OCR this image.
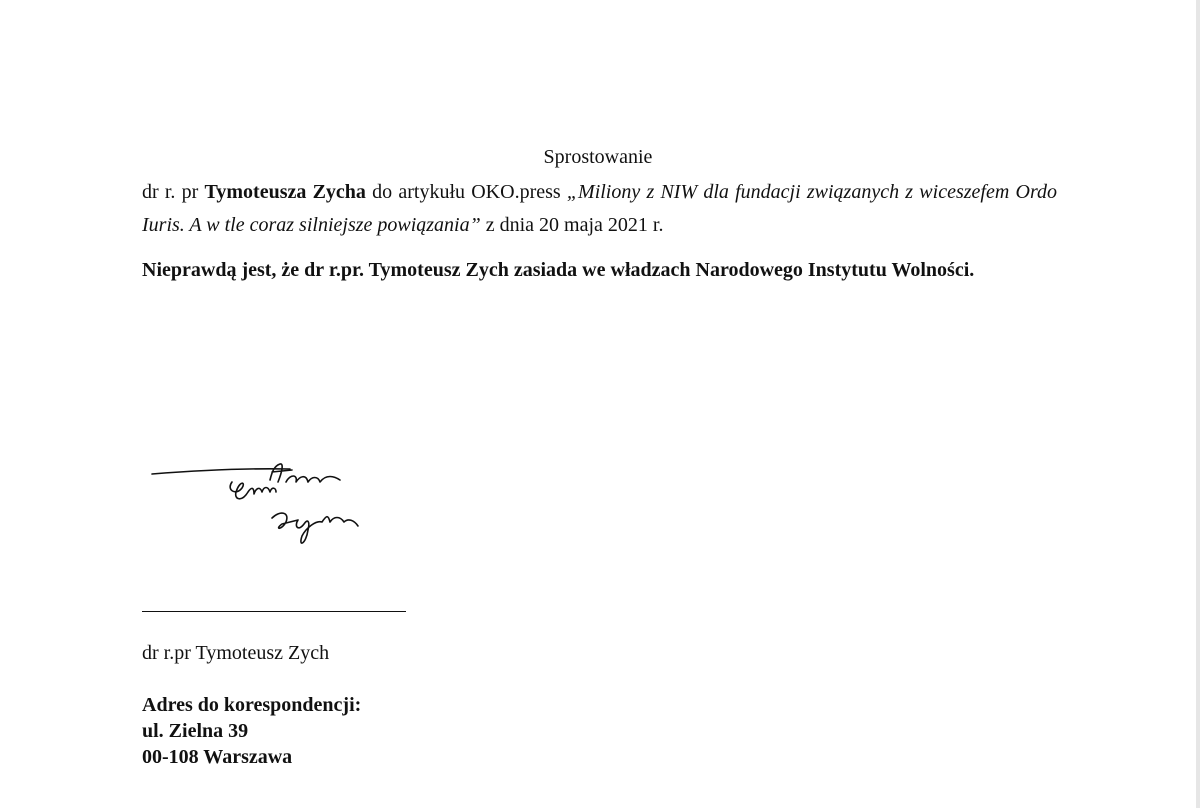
Sprostowanie

dr r. pr Tymoteusza Zycha do artykułu OKO.press „Miliony z NIW dla fundacji związanych z wiceszefem Ordo Iuris. A w tle coraz silniejsze powiązania” z dnia 20 maja 2021 r.

Nieprawdą jest, że dr r.pr. Tymoteusz Zych zasiada we władzach Narodowego Instytutu Wolności.

dr r.pr Tymoteusz Zych
Adres do korespondencji:
ul. Zielna 39
00-108 Warszawa
